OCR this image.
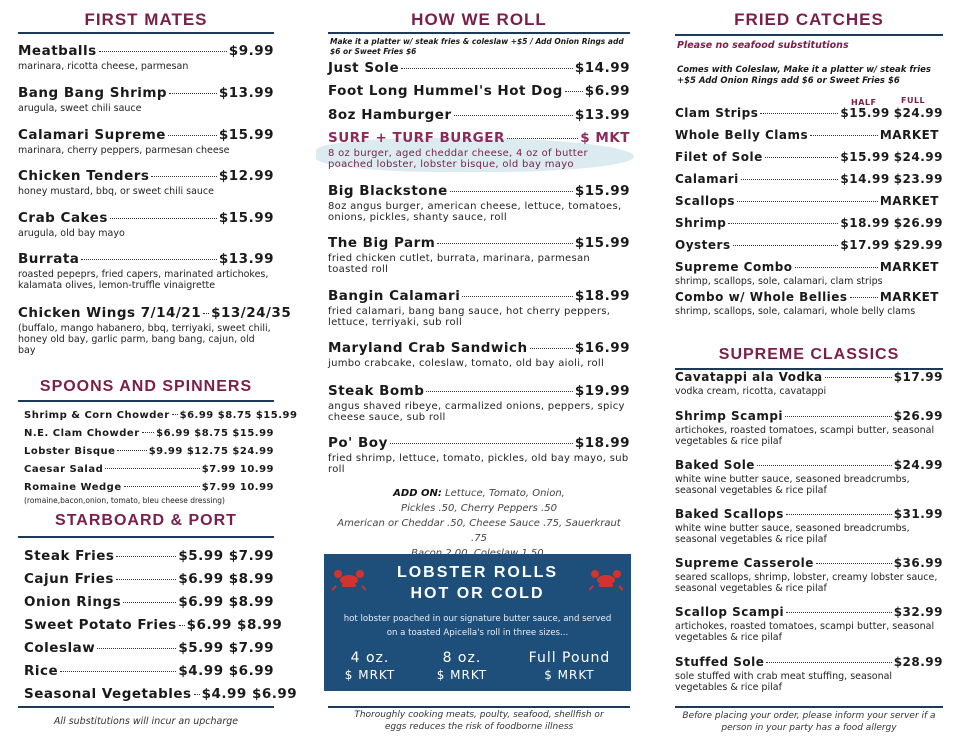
FIRST MATES
Meatballs	$9.99
marinara, ricotta cheese, parmesan
Bang Bang Shrimp	$13.99
arugula, sweet chili sauce
Calamari Supreme	$15.99
marinara, cherry peppers, parmesan cheese
Chicken Tenders	$12.99
honey mustard, bbq, or sweet chili sauce
Crab Cakes	$15.99
arugula, old bay mayo
Burrata	$13.99
roasted pepeprs, fried capers, marinated artichokes, kalamata olives, lemon-truffle vinaigrette
Chicken Wings 7/14/21 $13/24/35
(buffalo, mango habanero, bbq, terriyaki, sweet chili, honey old bay, garlic parm, bang bang, cajun, old bay
SPOONS AND SPINNERS
Shrimp & Corn Chowder $6.99 $8.75 $15.99
N.E. Clam Chowder $6.99 $8.75 $15.99
Lobster Bisque	$9.99 $12.75 $24.99
Caesar Salad	$7.99 10.99
Romaine Wedge	$7.99 10.99
(romaine,bacon,onion, tomato, bleu cheese dressing)
STARBOARD & PORT
Steak Fries	$5.99 $7.99
Cajun Fries	$6.99 $8.99
Onion Rings	$6.99 $8.99
Sweet Potato Fries $6.99 $8.99
Coleslaw	$5.99 $7.99
Rice	$4.99 $6.99
Seasonal Vegetables $4.99 $6.99
All substitutions will incur an upcharge
HOW WE ROLL
Make it a platter w/ steak fries & coleslaw +$5 / Add Onion Rings add $6 or Sweet Fries $6
Just Sole	$14.99
Foot Long Hummel's Hot Dog $6.99
8oz Hamburger	$13.99
SURF + TURF BURGER	$ MKT
8 oz burger, aged cheddar cheese, 4 oz of butter poached lobster, lobster bisque, old bay mayo
Big Blackstone	$15.99
8oz angus burger, american cheese, lettuce, tomatoes, onions, pickles, shanty sauce, roll
The Big Parm	$15.99
fried chicken cutlet, burrata, marinara, parmesan toasted roll
Bangin Calamari	$18.99
fried calamari, bang bang sauce, hot cherry peppers, lettuce, terriyaki, sub roll
Maryland Crab Sandwich	$16.99
jumbo crabcake, coleslaw, tomato, old bay aioli, roll
Steak Bomb	$19.99
angus shaved ribeye, carmalized onions, peppers, spicy cheese sauce, sub roll
Po' Boy	$18.99
fried shrimp, lettuce, tomato, pickles, old bay mayo, sub roll
ADD ON: Lettuce, Tomato, Onion,
Pickles .50, Cherry Peppers .50
American or Cheddar .50, Cheese Sauce .75, Sauerkraut .75
LOBSTER ROLLS
HOT OR COLD
hot lobster poached in our signature butter sauce, and served on a toasted Apicella's roll in three sizes...
4 oz.
$ MRKT
8 oz.
$ MRKT
Full Pound
$ MRKT
Thoroughly cooking meats, poulty, seafood, shellfish or eggs reduces the risk of foodborne illness
FRIED CATCHES
Please no seafood substitutions
Comes with Coleslaw, Make it a platter w/ steak fries +$5 Add Onion Rings add $6 or Sweet Fries $6
HALF	FULL
Clam Strips	$15.99 $24.99
Whole Belly Clams	MARKET
Filet of Sole	$15.99 $24.99
Calamari	$14.99 $23.99
Scallops	MARKET
Shrimp	$18.99 $26.99
Oysters	$17.99 $29.99
Supreme Combo	MARKET
shrimp, scallops, sole, calamari, clam strips
Combo w/ Whole Bellies	MARKET
shrimp, scallops, sole, calamari, whole belly clams
SUPREME CLASSICS
Cavatappi ala Vodka	$17.99
vodka cream, ricotta, cavatappi
Shrimp Scampi	$26.99
artichokes, roasted tomatoes, scampi butter, seasonal vegetables & rice pilaf
Baked Sole	$24.99
white wine butter sauce, seasoned breadcrumbs, seasonal vegetables & rice pilaf
Baked Scallops	$31.99
white wine butter sauce, seasoned breadcrumbs, seasonal vegetables & rice pilaf
Supreme Casserole	$36.99
seared scallops, shrimp, lobster, creamy lobster sauce, seasonal vegetables & rice pilaf
Scallop Scampi	$32.99
artichokes, roasted tomatoes, scampi butter, seasonal vegetables & rice pilaf
Stuffed Sole	$28.99
sole stuffed with crab meat stuffing, seasonal vegetables & rice pilaf
Before placing your order, please inform your server if a person in your party has a food allergy
